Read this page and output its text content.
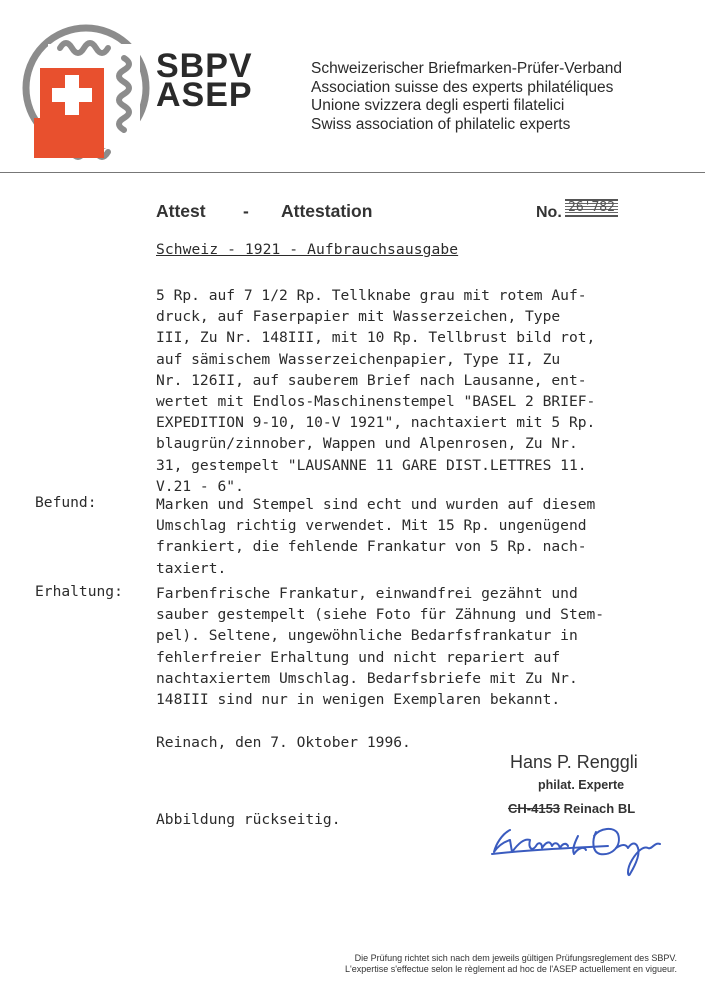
SBPV
ASEP
Schweizerischer Briefmarken-Prüfer-Verband
Association suisse des experts philatéliques
Unione svizzera degli esperti filatelici
Swiss association of philatelic experts
Attest - Attestation	No. 26'782
Schweiz - 1921 - Aufbrauchsausgabe
5 Rp. auf 7 1/2 Rp. Tellknabe grau mit rotem Auf-
druck, auf Faserpapier mit Wasserzeichen, Type
III, Zu Nr. 148III, mit 10 Rp. Tellbrust bild rot,
auf sämischem Wasserzeichenpapier, Type II, Zu
Nr. 126II, auf sauberem Brief nach Lausanne, ent-
wertet mit Endlos-Maschinenstempel "BASEL 2 BRIEF-
EXPEDITION 9-10, 10-V 1921", nachtaxiert mit 5 Rp.
blaugrün/zinnober, Wappen und Alpenrosen, Zu Nr.
31, gestempelt "LAUSANNE 11 GARE DIST.LETTRES 11.
V.21 - 6".
Befund:	Marken und Stempel sind echt und wurden auf diesem
Umschlag richtig verwendet. Mit 15 Rp. ungenügend
frankiert, die fehlende Frankatur von 5 Rp. nach-
taxiert.
Erhaltung: Farbenfrische Frankatur, einwandfrei gezähnt und
sauber gestempelt (siehe Foto für Zähnung und Stem-
pel). Seltene, ungewöhnliche Bedarfsfrankatur in
fehlerfreier Erhaltung und nicht repariert auf
nachtaxiertem Umschlag. Bedarfsbriefe mit Zu Nr.
148III sind nur in wenigen Exemplaren bekannt.
Reinach, den 7. Oktober 1996.
Hans P. Renggli
philat. Experte
CH-4153 Reinach BL
Abbildung rückseitig.
Die Prüfung richtet sich nach dem jeweils gültigen Prüfungsreglement des SBPV.
L'expertise s'effectue selon le règlement ad hoc de l'ASEP actuellement en vigueur.
